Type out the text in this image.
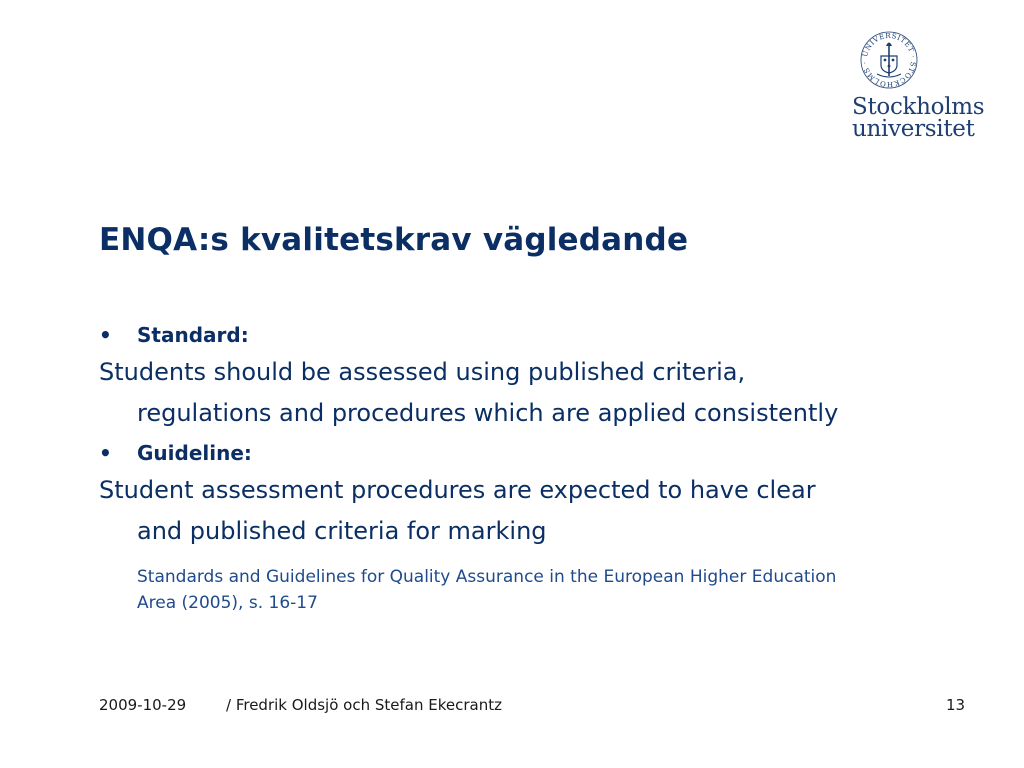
UNIVERSITET · STOCKHOLMS ·
Stockholms
universitet
ENQA:s kvalitetskrav vägledande
•	Standard:

Students should be assessed using published criteria, regulations and procedures which are applied consistently

•	Guideline:

Student assessment procedures are expected to have clear and published criteria for marking

Standards and Guidelines for Quality Assurance in the European Higher Education Area (2005), s. 16-17

2009-10-29	/ Fredrik Oldsjö och Stefan Ekecrantz	13
